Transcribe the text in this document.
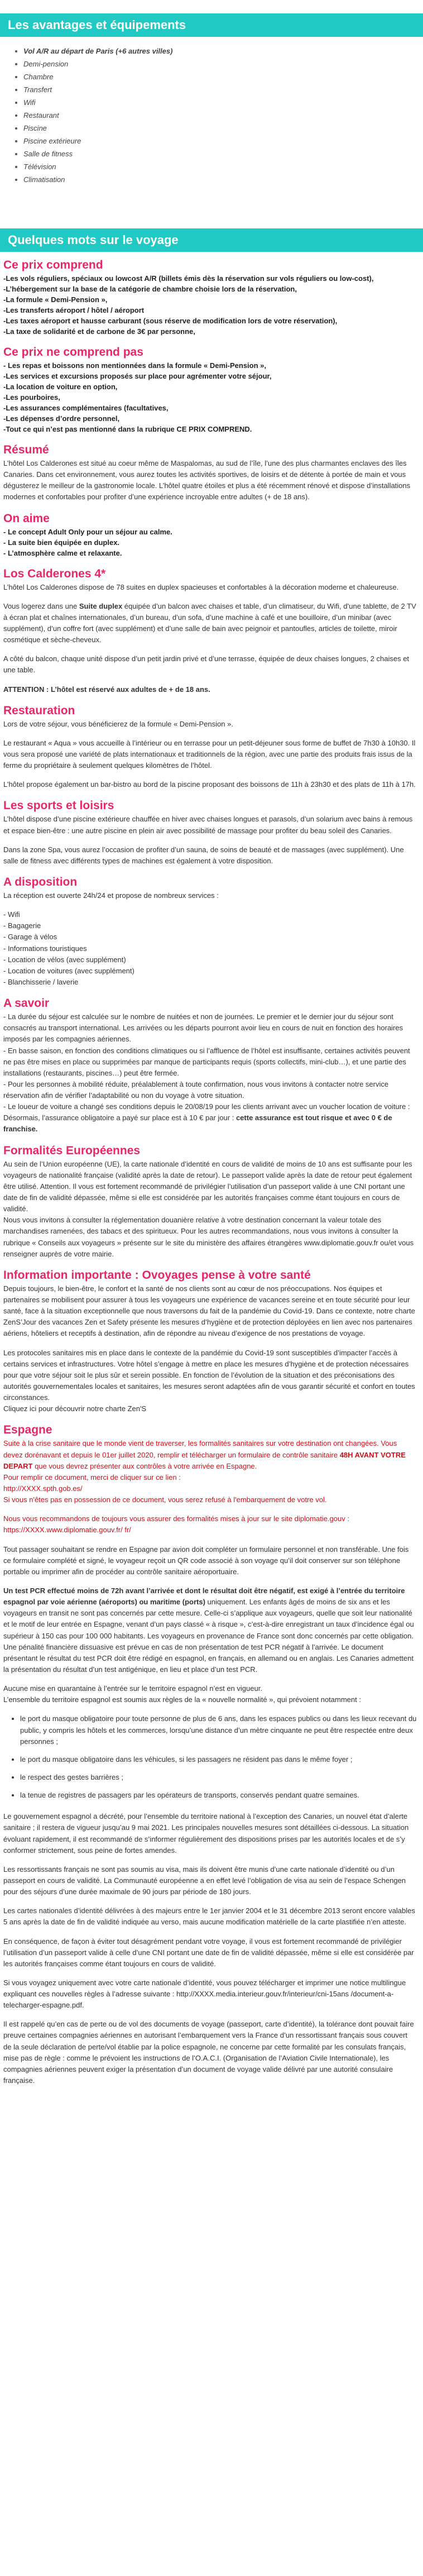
Les avantages et équipements
• Vol A/R au départ de Paris (+6 autres villes)
• Demi-pension
• Chambre
• Transfert
• Wifi
• Restaurant
• Piscine
• Piscine extérieure
• Salle de fitness
• Télévision
• Climatisation
Quelques mots sur le voyage
Ce prix comprend
-Les vols réguliers, spéciaux ou lowcost A/R (billets émis dès la réservation sur vols réguliers ou low-cost),
-L’hébergement sur la base de la catégorie de chambre choisie lors de la réservation,
-La formule « Demi-Pension »,
-Les transferts aéroport / hôtel / aéroport
-Les taxes aéroport et hausse carburant (sous réserve de modification lors de votre réservation),
-La taxe de solidarité et de carbone de 3€ par personne,
Ce prix ne comprend pas
- Les repas et boissons non mentionnées dans la formule « Demi-Pension »,
-Les services et excursions proposés sur place pour agrémenter votre séjour,
-La location de voiture en option,
-Les pourboires,
-Les assurances complémentaires (facultatives,
-Les dépenses d’ordre personnel,
-Tout ce qui n’est pas mentionné dans la rubrique CE PRIX COMPREND.
Résumé

L’hôtel Los Calderones est situé au coeur même de Maspalomas, au sud de l’île, l’une des plus charmantes enclaves des îles Canaries. Dans cet environnement, vous aurez toutes les activités sportives, de loisirs et de détente à portée de main et vous dégusterez le meilleur de la gastronomie locale. L’hôtel quatre étoiles et plus a été récemment rénové et dispose d’installations modernes et confortables pour profiter d’une expérience incroyable entre adultes (+ de 18 ans).

On aime
- Le concept Adult Only pour un séjour au calme.
- La suite bien équipée en duplex.
- L’atmosphère calme et relaxante.
Los Calderones 4*

L’hôtel Los Calderones dispose de 78 suites en duplex spacieuses et confortables à la décoration moderne et chaleureuse.

Vous logerez dans une Suite duplex équipée d’un balcon avec chaises et table, d’un climatiseur, du Wifi, d’une tablette, de 2 TV à écran plat et chaînes internationales, d’un bureau, d’un sofa, d’une machine à café et une bouilloire, d’un minibar (avec supplément), d’un coffre fort (avec supplément) et d’une salle de bain avec peignoir et pantoufles, articles de toilette, miroir cosmétique et sèche-cheveux.

A côté du balcon, chaque unité dispose d’un petit jardin privé et d’une terrasse, équipée de deux chaises longues, 2 chaises et une table.

ATTENTION : L’hôtel est réservé aux adultes de + de 18 ans.

Restauration

Lors de votre séjour, vous bénéficierez de la formule « Demi-Pension ».

Le restaurant « Aqua » vous accueille à l’intérieur ou en terrasse pour un petit-déjeuner sous forme de buffet de 7h30 à 10h30. Il vous sera proposé une variété de plats internationaux et traditionnels de la région, avec une partie des produits frais issus de la ferme du propriétaire à seulement quelques kilomètres de l’hôtel.

L’hôtel propose également un bar-bistro au bord de la piscine proposant des boissons de 11h à 23h30 et des plats de 11h à 17h.

Les sports et loisirs

L’hôtel dispose d’une piscine extérieure chauffée en hiver avec chaises longues et parasols, d’un solarium avec bains à remous et espace bien-être : une autre piscine en plein air avec possibilité de massage pour profiter du beau soleil des Canaries.

Dans la zone Spa, vous aurez l’occasion de profiter d’un sauna, de soins de beauté et de massages (avec supplément). Une salle de fitness avec différents types de machines est également à votre disposition.

A disposition

La réception est ouverte 24h/24 et propose de nombreux services :

- Wifi

- Bagagerie

- Garage à vélos

- Informations touristiques

- Location de vélos (avec supplément)

- Location de voitures (avec supplément)

- Blanchisserie / laverie

A savoir

- La durée du séjour est calculée sur le nombre de nuitées et non de journées. Le premier et le dernier jour du séjour sont consacrés au transport international. Les arrivées ou les départs pourront avoir lieu en cours de nuit en fonction des horaires imposés par les compagnies aériennes.

- En basse saison, en fonction des conditions climatiques ou si l’affluence de l’hôtel est insuffisante, certaines activités peuvent ne pas être mises en place ou supprimées par manque de participants requis (sports collectifs, mini-club…), et une partie des installations (restaurants, piscines…) peut être fermée.

- Pour les personnes à mobilité réduite, préalablement à toute confirmation, nous vous invitons à contacter notre service réservation afin de vérifier l’adaptabilité ou non du voyage à votre situation.

- Le loueur de voiture a changé ses conditions depuis le 20/08/19 pour les clients arrivant avec un voucher location de voiture : Désormais, l’assurance obligatoire a payé sur place est à 10 € par jour : cette assurance est tout risque et avec 0 € de franchise.

Formalités Européennes

Au sein de l’Union européenne (UE), la carte nationale d’identité en cours de validité de moins de 10 ans est suffisante pour les voyageurs de nationalité française (validité après la date de retour). Le passeport valide après la date de retour peut également être utilisé. Attention. Il vous est fortement recommandé de privilégier l’utilisation d’un passeport valide à une CNI portant une date de fin de validité dépassée, même si elle est considérée par les autorités françaises comme étant toujours en cours de validité.

Nous vous invitons à consulter la réglementation douanière relative à votre destination concernant la valeur totale des marchandises ramenées, des tabacs et des spiritueux. Pour les autres recommandations, nous vous invitons à consulter la rubrique « Conseils aux voyageurs » présente sur le site du ministère des affaires étrangères www.diplomatie.gouv.fr ou/et vous renseigner auprès de votre mairie.

Information importante : Ovoyages pense à votre santé

Depuis toujours, le bien-être, le confort et la santé de nos clients sont au cœur de nos préoccupations. Nos équipes et partenaires se mobilisent pour assurer à tous les voyageurs une expérience de vacances sereine et en toute sécurité pour leur santé, face à la situation exceptionnelle que nous traversons du fait de la pandémie du Covid-19. Dans ce contexte, notre charte ZenS’Jour des vacances Zen et Safety présente les mesures d’hygiène et de protection déployées en lien avec nos partenaires aériens, hôteliers et receptifs à destination, afin de répondre au niveau d’exigence de nos prestations de voyage.

Les protocoles sanitaires mis en place dans le contexte de la pandémie du Covid-19 sont susceptibles d’impacter l’accès à certains services et infrastructures. Votre hôtel s’engage à mettre en place les mesures d’hygiène et de protection nécessaires pour que votre séjour soit le plus sûr et serein possible. En fonction de l’évolution de la situation et des préconisations des autorités gouvernementales locales et sanitaires, les mesures seront adaptées afin de vous garantir sécurité et confort en toutes circonstances.

Cliquez ici pour découvrir notre charte Zen'S

Espagne

Suite à la crise sanitaire que le monde vient de traverser, les formalités sanitaires sur votre destination ont changées. Vous devez dorénavant et depuis le 01er juillet 2020, remplir et télécharger un formulaire de contrôle sanitaire 48H AVANT VOTRE DEPART que vous devrez présenter aux contrôles à votre arrivée en Espagne.

Pour remplir ce document, merci de cliquer sur ce lien :

http://XXXX.spth.gob.es/

Si vous n'êtes pas en possession de ce document, vous serez refusé à l'embarquement de votre vol.

Nous vous recommandons de toujours vous assurer des formalités mises à jour sur le site diplomatie.gouv : https://XXXX.www.diplomatie.gouv.fr/ fr/

Tout passager souhaitant se rendre en Espagne par avion doit compléter un formulaire personnel et non transférable. Une fois ce formulaire complété et signé, le voyageur reçoit un QR code associé à son voyage qu’il doit conserver sur son téléphone portable ou imprimer afin de procéder au contrôle sanitaire aéroportuaire.

Un test PCR effectué moins de 72h avant l’arrivée et dont le résultat doit être négatif, est exigé à l’entrée du territoire espagnol par voie aérienne (aéroports) ou maritime (ports) uniquement. Les enfants âgés de moins de six ans et les voyageurs en transit ne sont pas concernés par cette mesure. Celle-ci s’applique aux voyageurs, quelle que soit leur nationalité et le motif de leur entrée en Espagne, venant d’un pays classé « à risque », c’est-à-dire enregistrant un taux d’incidence égal ou supérieur à 150 cas pour 100 000 habitants. Les voyageurs en provenance de France sont donc concernés par cette obligation. Une pénalité financière dissuasive est prévue en cas de non présentation de test PCR négatif à l’arrivée. Le document présentant le résultat du test PCR doit être rédigé en espagnol, en français, en allemand ou en anglais. Les Canaries admettent la présentation du résultat d’un test antigénique, en lieu et place d’un test PCR.

Aucune mise en quarantaine à l’entrée sur le territoire espagnol n’est en vigueur.

L’ensemble du territoire espagnol est soumis aux règles de la « nouvelle normalité », qui prévoient notamment :

• le port du masque obligatoire pour toute personne de plus de 6 ans, dans les espaces publics ou dans les lieux recevant du public, y compris les hôtels et les commerces, lorsqu’une distance d’un mètre cinquante ne peut être respectée entre deux personnes ;
• le port du masque obligatoire dans les véhicules, si les passagers ne résident pas dans le même foyer ;
• le respect des gestes barrières ;
• la tenue de registres de passagers par les opérateurs de transports, conservés pendant quatre semaines.

Le gouvernement espagnol a décrété, pour l’ensemble du territoire national à l’exception des Canaries, un nouvel état d’alerte sanitaire ; il restera de vigueur jusqu’au 9 mai 2021. Les principales nouvelles mesures sont détaillées ci-dessous. La situation évoluant rapidement, il est recommandé de s’informer régulièrement des dispositions prises par les autorités locales et de s’y conformer strictement, sous peine de fortes amendes.

Les ressortissants français ne sont pas soumis au visa, mais ils doivent être munis d’une carte nationale d’identité ou d’un passeport en cours de validité. La Communauté européenne a en effet levé l’obligation de visa au sein de l’espace Schengen pour des séjours d’une durée maximale de 90 jours par période de 180 jours.

Les cartes nationales d’identité délivrées à des majeurs entre le 1er janvier 2004 et le 31 décembre 2013 seront encore valables 5 ans après la date de fin de validité indiquée au verso, mais aucune modification matérielle de la carte plastifiée n’en atteste.

En conséquence, de façon à éviter tout désagrément pendant votre voyage, il vous est fortement recommandé de privilégier l’utilisation d’un passeport valide à celle d’une CNI portant une date de fin de validité dépassée, même si elle est considérée par les autorités françaises comme étant toujours en cours de validité.

Si vous voyagez uniquement avec votre carte nationale d’identité, vous pouvez télécharger et imprimer une notice multilingue expliquant ces nouvelles règles à l’adresse suivante : http://XXXX.media.interieur.gouv.fr/interieur/cni-15ans /document-a-telecharger-espagne.pdf.

Il est rappelé qu’en cas de perte ou de vol des documents de voyage (passeport, carte d’identité), la tolérance dont pouvait faire preuve certaines compagnies aériennes en autorisant l’embarquement vers la France d’un ressortissant français sous couvert de la seule déclaration de perte/vol établie par la police espagnole, ne concerne par cette formalité par les consulats français, mise pas de règle : comme le prévoient les instructions de l’O.A.C.I. (Organisation de l’Aviation Civile Internationale), les compagnies aériennes peuvent exiger la présentation d’un document de voyage valide délivré par une autorité consulaire française.
